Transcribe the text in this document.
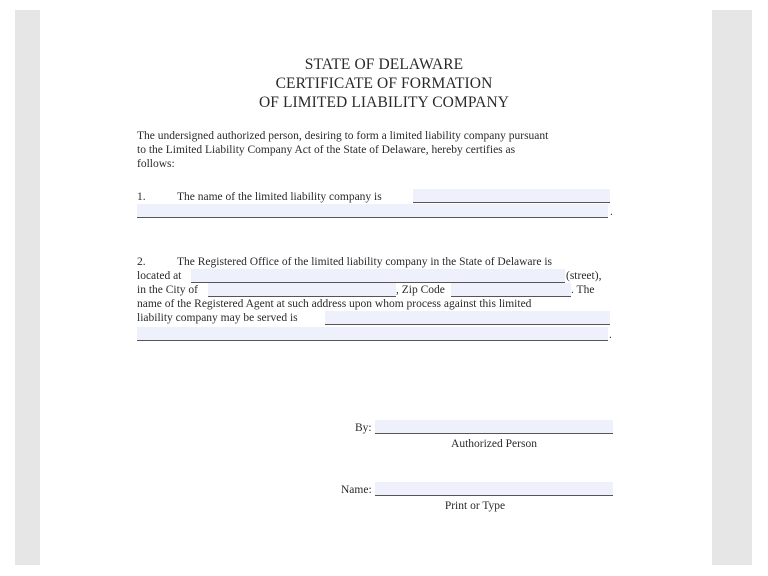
STATE OF DELAWARE
CERTIFICATE OF FORMATION
OF LIMITED LIABILITY COMPANY
The undersigned authorized person, desiring to form a limited liability company pursuant
to the Limited Liability Company Act of the State of Delaware, hereby certifies as
follows:
1.	The name of the limited liability company is
.
2.	The Registered Office of the limited liability company in the State of Delaware is
located at	(street),
in the City of	, Zip Code	. The
name of the Registered Agent at such address upon whom process against this limited
liability company may be served is
.
By:
Authorized Person
Name:
Print or Type
